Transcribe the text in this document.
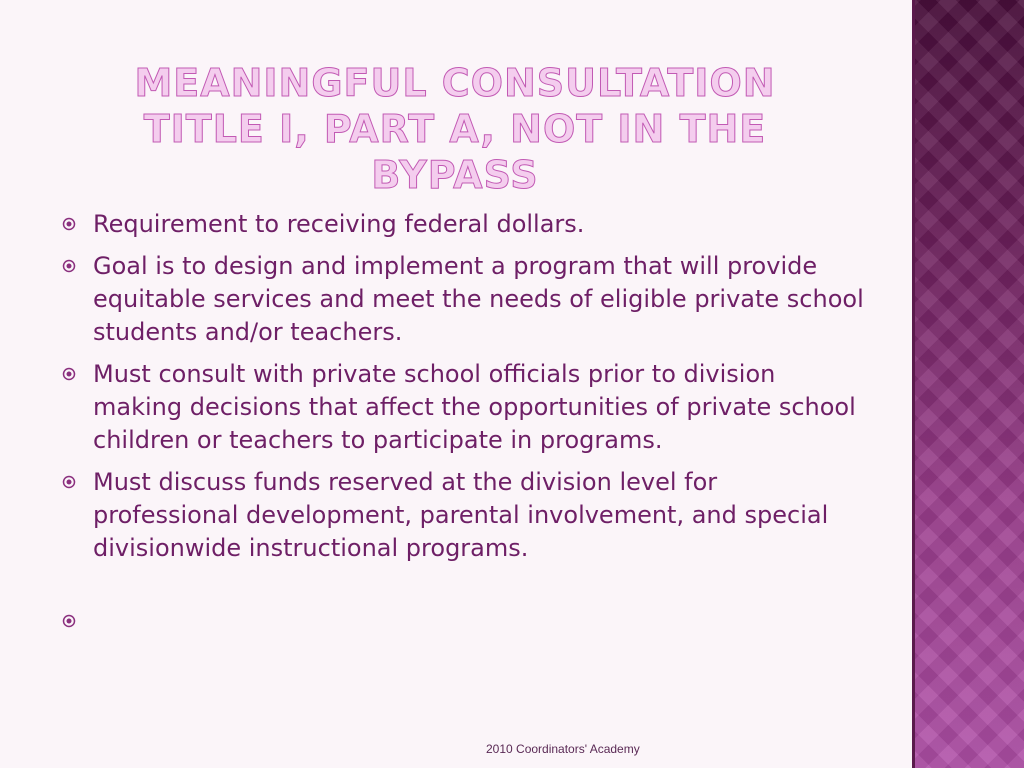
MEANINGFUL CONSULTATION
TITLE I, PART A, NOT IN THE BYPASS
Requirement to receiving federal dollars.
Goal is to design and implement a program that will provide equitable services and meet the needs of eligible private school students and/or teachers.
Must consult with private school officials prior to division making decisions that affect the opportunities of private school children or teachers to participate in programs.
Must discuss funds reserved at the division level for professional development, parental involvement, and special divisionwide instructional programs.
2010 Coordinators' Academy
